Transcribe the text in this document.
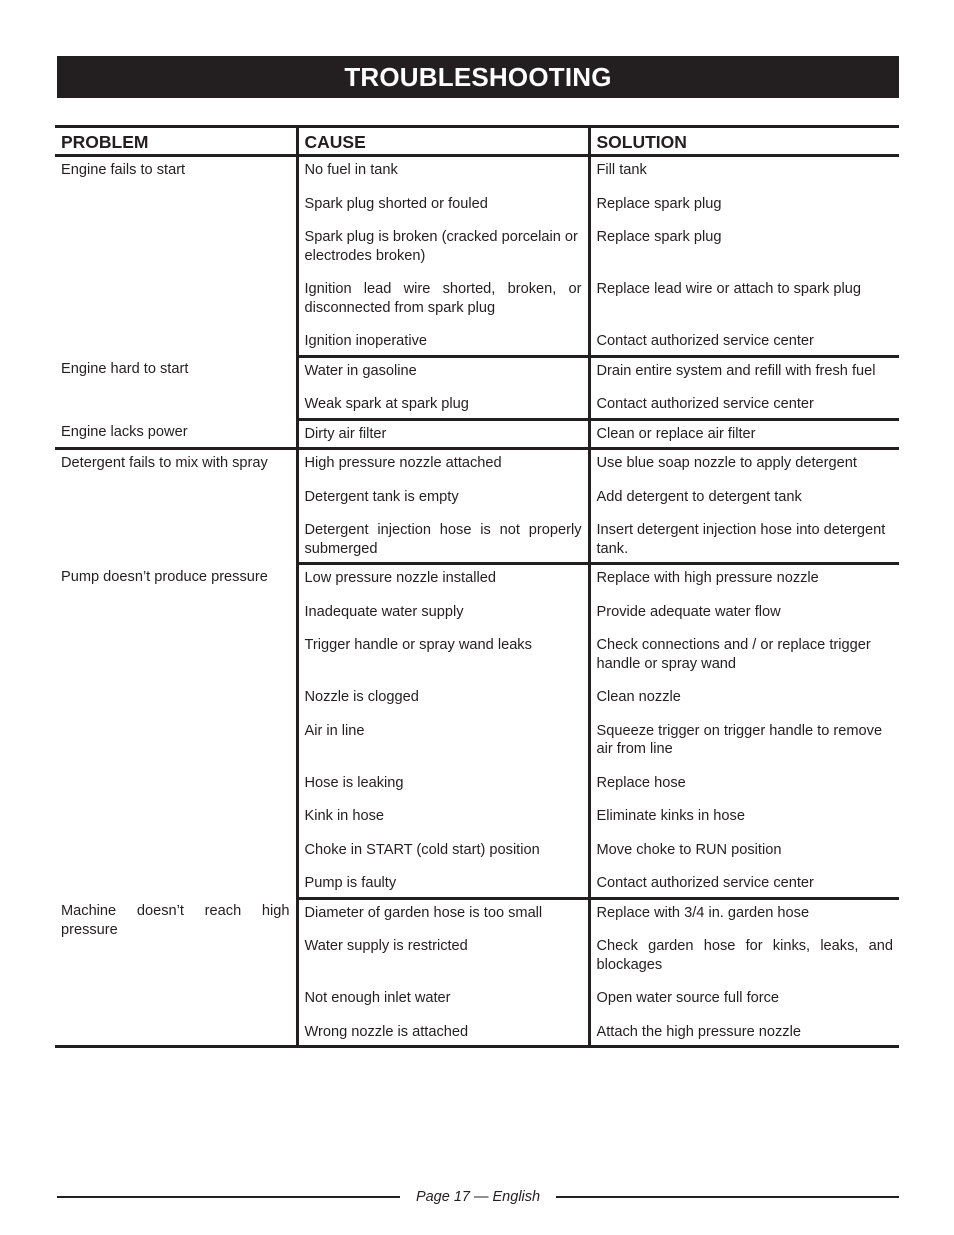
TROUBLESHOOTING
PROBLEM	CAUSE	SOLUTION
Engine fails to start	No fuel in tank	Fill tank
	Spark plug shorted or fouled	Replace spark plug
	Spark plug is broken (cracked porcelain or electrodes broken)	Replace spark plug
	Ignition lead wire shorted, broken, or disconnected from spark plug	Replace lead wire or attach to spark plug
	Ignition inoperative	Contact authorized service center
Engine hard to start	Water in gasoline	Drain entire system and refill with fresh fuel
	Weak spark at spark plug	Contact authorized service center
Engine lacks power	Dirty air filter	Clean or replace air filter
Detergent fails to mix with spray	High pressure nozzle attached	Use blue soap nozzle to apply detergent
	Detergent tank is empty	Add detergent to detergent tank
	Detergent injection hose is not properly submerged	Insert detergent injection hose into detergent tank.
Pump doesn’t produce pressure	Low pressure nozzle installed	Replace with high pressure nozzle
	Inadequate water supply	Provide adequate water flow
	Trigger handle or spray wand leaks	Check connections and / or replace trigger handle or spray wand
	Nozzle is clogged	Clean nozzle
	Air in line	Squeeze trigger on trigger handle to remove air from line
	Hose is leaking	Replace hose
	Kink in hose	Eliminate kinks in hose
	Choke in START (cold start) position	Move choke to RUN position
	Pump is faulty	Contact authorized service center
Machine doesn’t reach high pressure	Diameter of garden hose is too small	Replace with 3/4 in. garden hose
	Water supply is restricted	Check garden hose for kinks, leaks, and blockages
	Not enough inlet water	Open water source full force
	Wrong nozzle is attached	Attach the high pressure nozzle
Page 17 — English
